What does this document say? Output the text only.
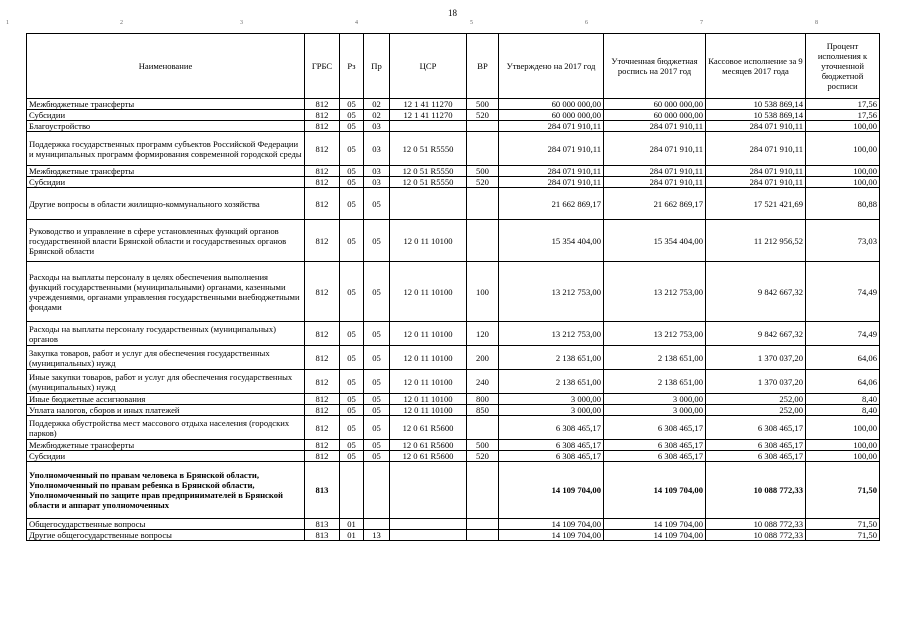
18
1	2	3	4	5	6	7	8
Наименование	ГРБС	Рз	Пр	ЦСР	ВР	Утверждено на 2017 год	Уточненная бюджетная роспись на 2017 год	Кассовое исполнение за 9 месяцев 2017 года	Процент исполнения к уточненной бюджетной росписи
Межбюджетные трансферты	812	05	02	12 1 41 11270	500	60 000 000,00	60 000 000,00	10 538 869,14	17,56
Субсидии	812	05	02	12 1 41 11270	520	60 000 000,00	60 000 000,00	10 538 869,14	17,56
Благоустройство	812	05	03			284 071 910,11	284 071 910,11	284 071 910,11	100,00
Поддержка государственных программ субъектов Российской Федерации и муниципальных программ формирования современной городской среды	812	05	03	12 0 51 R5550		284 071 910,11	284 071 910,11	284 071 910,11	100,00
Межбюджетные трансферты	812	05	03	12 0 51 R5550	500	284 071 910,11	284 071 910,11	284 071 910,11	100,00
Субсидии	812	05	03	12 0 51 R5550	520	284 071 910,11	284 071 910,11	284 071 910,11	100,00
Другие вопросы в области жилищно-коммунального хозяйства	812	05	05			21 662 869,17	21 662 869,17	17 521 421,69	80,88
Руководство и управление в сфере установленных функций органов государственной власти Брянской области и государственных органов Брянской области	812	05	05	12 0 11 10100		15 354 404,00	15 354 404,00	11 212 956,52	73,03
Расходы на выплаты персоналу в целях обеспечения выполнения функций государственными (муниципальными) органами, казенными учреждениями, органами управления государственными внебюджетными фондами	812	05	05	12 0 11 10100	100	13 212 753,00	13 212 753,00	9 842 667,32	74,49
Расходы на выплаты персоналу государственных (муниципальных) органов	812	05	05	12 0 11 10100	120	13 212 753,00	13 212 753,00	9 842 667,32	74,49
Закупка товаров, работ и услуг для обеспечения государственных (муниципальных) нужд	812	05	05	12 0 11 10100	200	2 138 651,00	2 138 651,00	1 370 037,20	64,06
Иные закупки товаров, работ и услуг для обеспечения государственных (муниципальных) нужд	812	05	05	12 0 11 10100	240	2 138 651,00	2 138 651,00	1 370 037,20	64,06
Иные бюджетные ассигнования	812	05	05	12 0 11 10100	800	3 000,00	3 000,00	252,00	8,40
Уплата налогов, сборов и иных платежей	812	05	05	12 0 11 10100	850	3 000,00	3 000,00	252,00	8,40
Поддержка обустройства мест массового отдыха населения (городских парков)	812	05	05	12 0 61 R5600		6 308 465,17	6 308 465,17	6 308 465,17	100,00
Межбюджетные трансферты	812	05	05	12 0 61 R5600	500	6 308 465,17	6 308 465,17	6 308 465,17	100,00
Субсидии	812	05	05	12 0 61 R5600	520	6 308 465,17	6 308 465,17	6 308 465,17	100,00
Уполномоченный по правам человека в Брянской области, Уполномоченный по правам ребенка в Брянской области, Уполномоченный по защите прав предпринимателей в Брянской области и аппарат уполномоченных	813					14 109 704,00	14 109 704,00	10 088 772,33	71,50
Общегосударственные вопросы	813	01				14 109 704,00	14 109 704,00	10 088 772,33	71,50
Другие общегосударственные вопросы	813	01	13			14 109 704,00	14 109 704,00	10 088 772,33	71,50
